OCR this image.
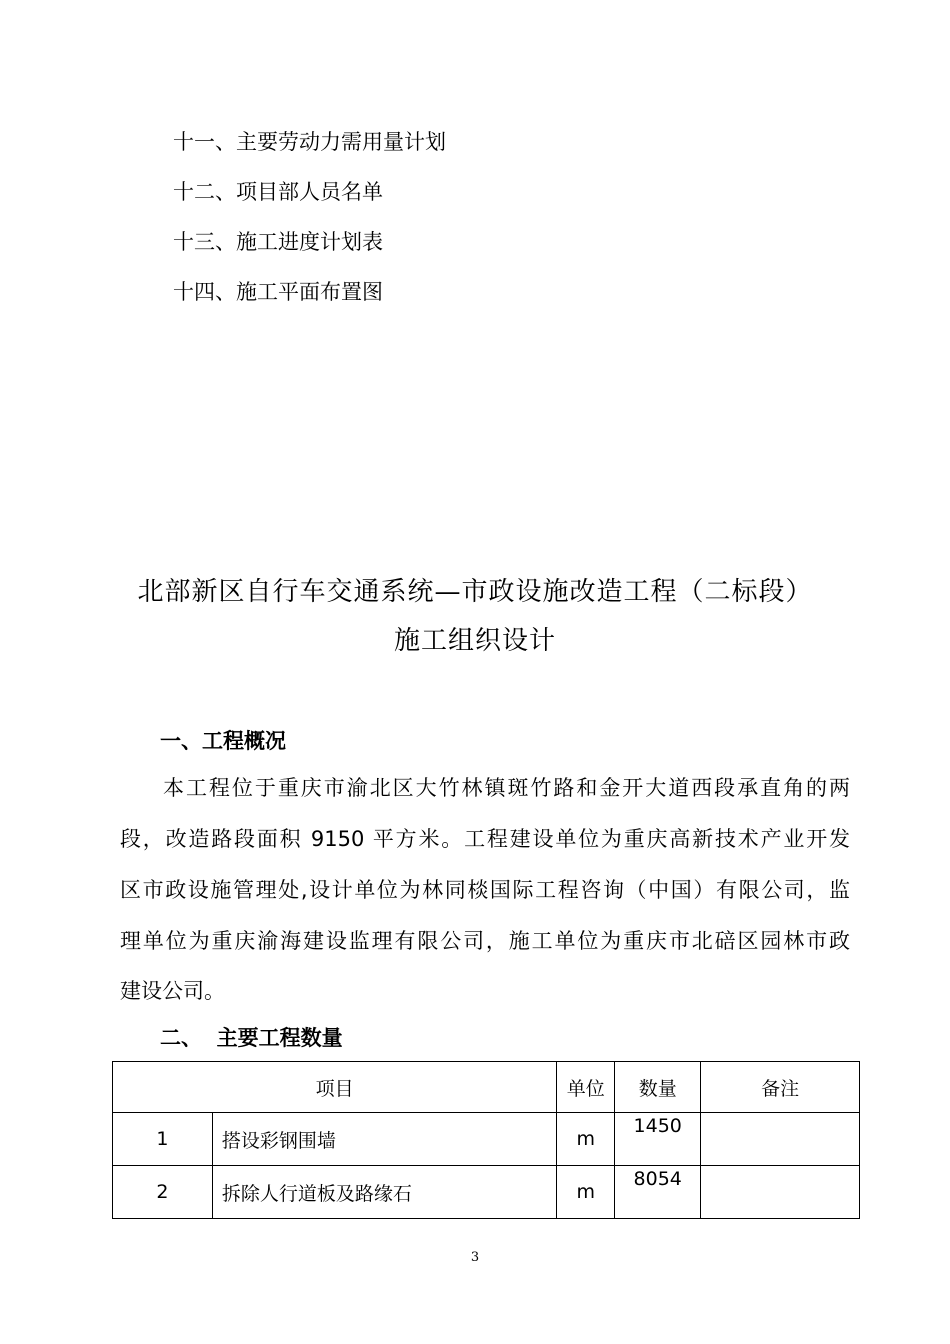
十一、主要劳动力需用量计划
十二、项目部人员名单
十三、施工进度计划表
十四、施工平面布置图
北部新区自行车交通系统—市政设施改造工程（二标段）
施工组织设计
一、工程概况
本工程位于重庆市渝北区大竹林镇斑竹路和金开大道西段承直角的两
段，改造路段面积 9150 平方米。工程建设单位为重庆高新技术产业开发
区市政设施管理处,设计单位为林同棪国际工程咨询（中国）有限公司，监
理单位为重庆渝海建设监理有限公司，施工单位为重庆市北碚区园林市政
建设公司。
二、  主要工程数量
项目		单位	数量	备注
1	搭设彩钢围墙	m	1450	
2	拆除人行道板及路缘石	m	8054	
3
